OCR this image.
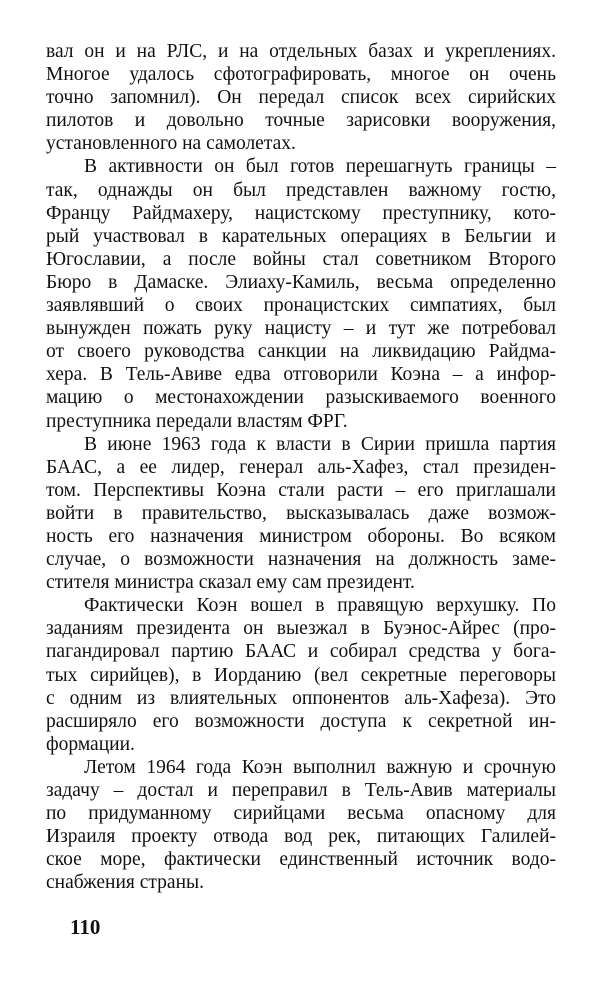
вал он и на РЛС, и на отдельных базах и укреплениях.
Многое удалось сфотографировать, многое он очень
точно запомнил). Он передал список всех сирийских
пилотов и довольно точные зарисовки вооружения,
установленного на самолетах.
В активности он был готов перешагнуть границы –
так, однажды он был представлен важному гостю,
Францу Райдмахеру, нацистскому преступнику, кото-
рый участвовал в карательных операциях в Бельгии и
Югославии, а после войны стал советником Второго
Бюро в Дамаске. Элиаху-Камиль, весьма определенно
заявлявший о своих пронацистских симпатиях, был
вынужден пожать руку нацисту – и тут же потребовал
от своего руководства санкции на ликвидацию Райдма-
хера. В Тель-Авиве едва отговорили Коэна – а инфор-
мацию о местонахождении разыскиваемого военного
преступника передали властям ФРГ.
В июне 1963 года к власти в Сирии пришла партия
БААС, а ее лидер, генерал аль-Хафез, стал президен-
том. Перспективы Коэна стали расти – его приглашали
войти в правительство, высказывалась даже возмож-
ность его назначения министром обороны. Во всяком
случае, о возможности назначения на должность заме-
стителя министра сказал ему сам президент.
Фактически Коэн вошел в правящую верхушку. По
заданиям президента он выезжал в Буэнос-Айрес (про-
пагандировал партию БААС и собирал средства у бога-
тых сирийцев), в Иорданию (вел секретные переговоры
с одним из влиятельных оппонентов аль-Хафеза). Это
расширяло его возможности доступа к секретной ин-
формации.
Летом 1964 года Коэн выполнил важную и срочную
задачу – достал и переправил в Тель-Авив материалы
по придуманному сирийцами весьма опасному для
Израиля проекту отвода вод рек, питающих Галилей-
ское море, фактически единственный источник водо-
снабжения страны.
110
